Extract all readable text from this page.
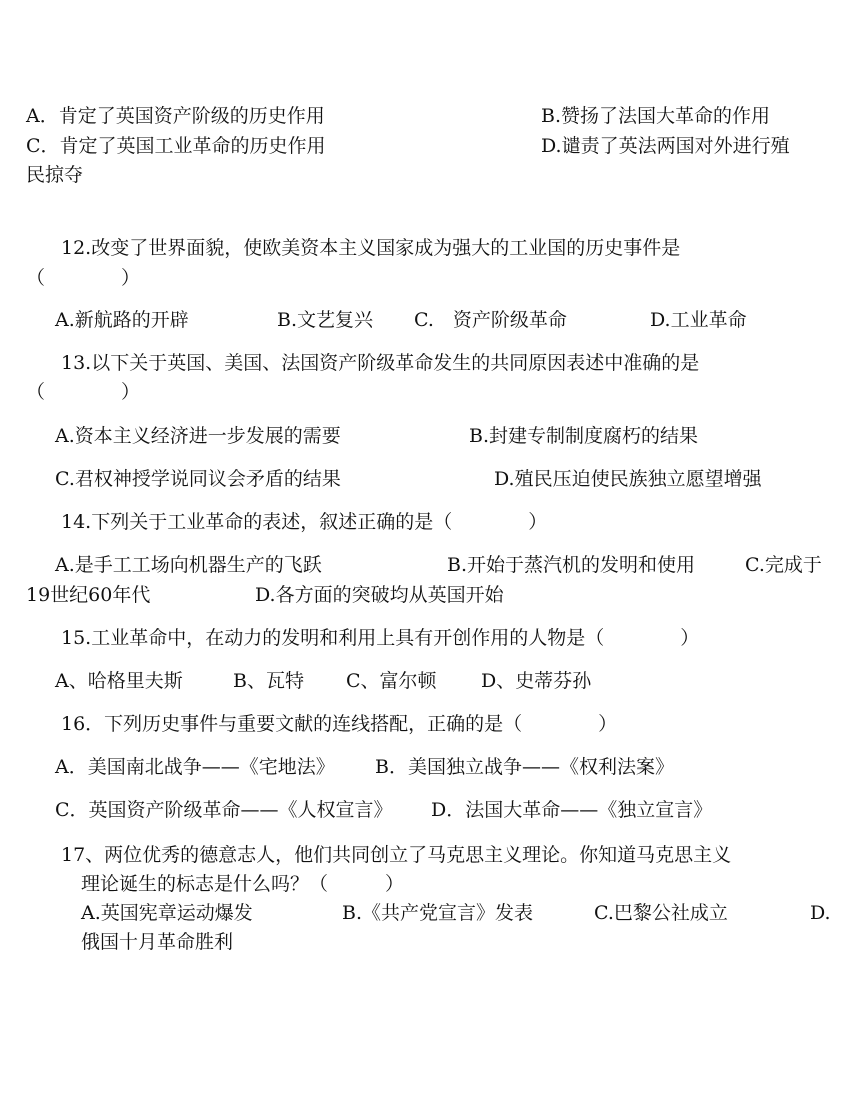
A．肯定了英国资产阶级的历史作用	B.赞扬了法国大革命的作用
C．肯定了英国工业革命的历史作用	D.谴责了英法两国对外进行殖
民掠夺
12.改变了世界面貌，使欧美资本主义国家成为强大的工业国的历史事件是
（　　　　）
A.新航路的开辟	B.文艺复兴 C.　资产阶级革命	D.工业革命
13.以下关于英国、美国、法国资产阶级革命发生的共同原因表述中准确的是
（　　　　）
A.资本主义经济进一步发展的需要	B.封建专制制度腐朽的结果
C.君权神授学说同议会矛盾的结果	D.殖民压迫使民族独立愿望增强
14.下列关于工业革命的表述，叙述正确的是（　　　　）
A.是手工工场向机器生产的飞跃	B.开始于蒸汽机的发明和使用	C.完成于
19世纪60年代	D.各方面的突破均从英国开始
15.工业革命中，在动力的发明和利用上具有开创作用的人物是（　　　　）
A、哈格里夫斯	B、瓦特 C、富尔顿 D、史蒂芬孙
16．下列历史事件与重要文献的连线搭配，正确的是（　　　　）
A．美国南北战争——《宅地法》 B．美国独立战争——《权利法案》
C．英国资产阶级革命——《人权宣言》 D．法国大革命——《独立宣言》
17、两位优秀的德意志人，他们共同创立了马克思主义理论。你知道马克思主义
理论诞生的标志是什么吗？（　　　）
A.英国宪章运动爆发	B.《共产党宣言》发表	C.巴黎公社成立	D.
俄国十月革命胜利
